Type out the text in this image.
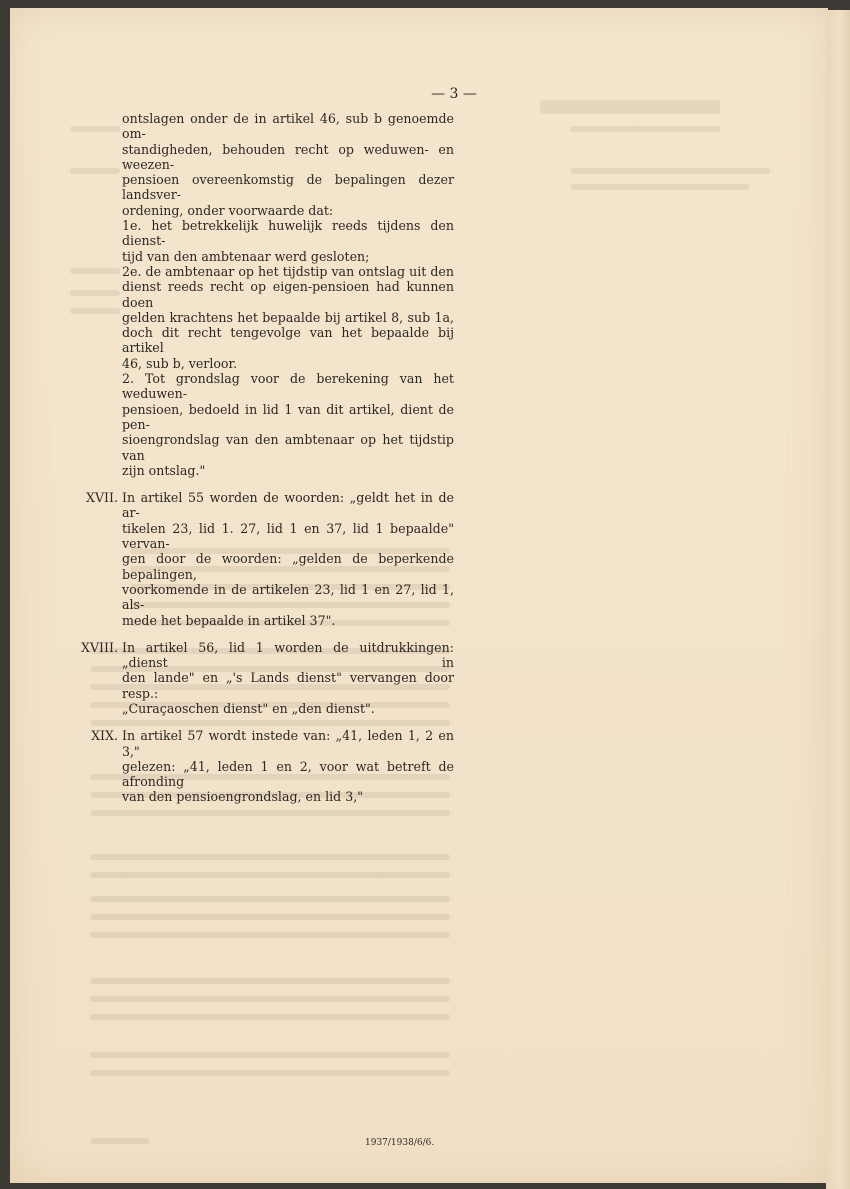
— 3 —
ontslagen onder de in artikel 46, sub b genoemde om-
standigheden, behouden recht op weduwen- en weezen-
pensioen overeenkomstig de bepalingen dezer landsver-
ordening, onder voorwaarde dat:
1e. het betrekkelijk huwelijk reeds tijdens den dienst-
tijd van den ambtenaar werd gesloten;
2e. de ambtenaar op het tijdstip van ontslag uit den
dienst reeds recht op eigen-pensioen had kunnen doen
gelden krachtens het bepaalde bij artikel 8, sub 1a,
doch dit recht tengevolge van het bepaalde bij artikel
46, sub b, verloor.
2. Tot grondslag voor de berekening van het weduwen-
pensioen, bedoeld in lid 1 van dit artikel, dient de pen-
sioengrondslag van den ambtenaar op het tijdstip van
zijn ontslag."
XVII. In artikel 55 worden de woorden: „geldt het in de ar-
tikelen 23, lid 1. 27, lid 1 en 37, lid 1 bepaalde" vervan-
gen door de woorden: „gelden de beperkende bepalingen,
voorkomende in de artikelen 23, lid 1 en 27, lid 1, als-
mede het bepaalde in artikel 37".
XVIII. In artikel 56, lid 1 worden de uitdrukkingen: „dienst in
den lande" en „'s Lands dienst" vervangen door resp.:
„Curaçaoschen dienst" en „den dienst".
XIX. In artikel 57 wordt instede van: „41, leden 1, 2 en 3,"
gelezen: „41, leden 1 en 2, voor wat betreft de afronding
van den pensioengrondslag, en lid 3,"
1937/1938/6/6.
